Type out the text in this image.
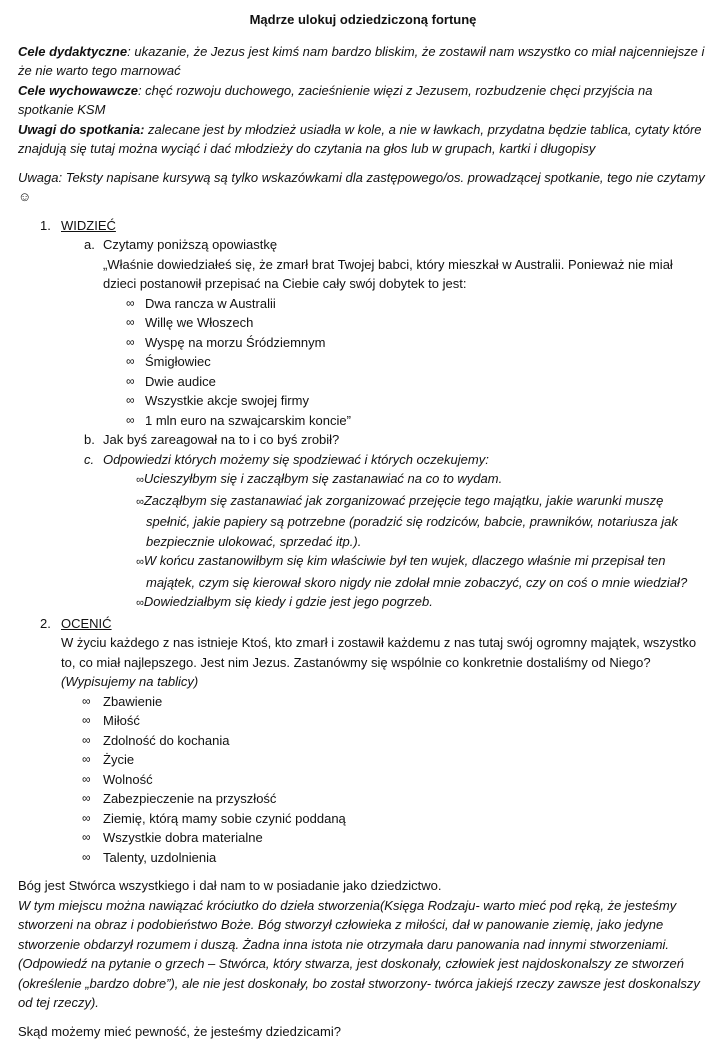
Mądrze ulokuj odziedziczoną fortunę

Cele dydaktyczne: ukazanie, że Jezus jest kimś nam bardzo bliskim, że zostawił nam wszystko co miał najcenniejsze i że nie warto tego marnować

Cele wychowawcze: chęć rozwoju duchowego, zacieśnienie więzi z Jezusem, rozbudzenie chęci przyjścia na spotkanie KSM

Uwagi do spotkania: zalecane jest by młodzież usiadła w kole, a nie w ławkach, przydatna będzie tablica, cytaty które znajdują się tutaj można wyciąć i dać młodzieży do czytania na głos lub w grupach, kartki i długopisy

Uwaga: Teksty napisane kursywą są tylko wskazówkami dla zastępowego/os. prowadzącej spotkanie, tego nie czytamy☺

1. WIDZIEĆ

a. Czytamy poniższą opowiastkę

„Właśnie dowiedziałeś się, że zmarł brat Twojej babci, który mieszkał w Australii. Ponieważ nie miał dzieci postanowił przepisać na Ciebie cały swój dobytek to jest:

∞ Dwa rancza w Australii
∞ Willę we Włoszech
∞ Wyspę na morzu Śródziemnym
∞ Śmigłowiec
∞ Dwie audice
∞ Wszystkie akcje swojej firmy
∞ 1 mln euro na szwajcarskim koncie”

b. Jak byś zareagował na to i co byś zrobił?

c. Odpowiedzi których możemy się spodziewać i których oczekujemy:

∞Ucieszyłbym się i zacząłbym się zastanawiać na co to wydam.
∞Zacząłbym się zastanawiać jak zorganizować przejęcie tego majątku, jakie warunki muszę spełnić, jakie papiery są potrzebne (poradzić się rodziców, babcie, prawników, notariusza jak bezpiecznie ulokować, sprzedać itp.).
∞W końcu zastanowiłbym się kim właściwie był ten wujek, dlaczego właśnie mi przepisał ten majątek, czym się kierował skoro nigdy nie zdołał mnie zobaczyć, czy on coś o mnie wiedział?
∞Dowiedziałbym się kiedy i gdzie jest jego pogrzeb.

2. OCENIĆ

W życiu każdego z nas istnieje Ktoś, kto zmarł i zostawił każdemu z nas tutaj swój ogromny majątek, wszystko to, co miał najlepszego. Jest nim Jezus. Zastanówmy się wspólnie co konkretnie dostaliśmy od Niego?

(Wypisujemy na tablicy)

∞ Zbawienie
∞ Miłość
∞ Zdolność do kochania
∞ Życie
∞ Wolność
∞ Zabezpieczenie na przyszłość
∞ Ziemię, którą mamy sobie czynić poddaną
∞ Wszystkie dobra materialne
∞ Talenty, uzdolnienia

Bóg jest Stwórca wszystkiego i dał nam to w posiadanie jako dziedzictwo.

W tym miejscu można nawiązać króciutko do dzieła stworzenia(Księga Rodzaju- warto mieć pod ręką, że jesteśmy stworzeni na obraz i podobieństwo Boże. Bóg stworzył człowieka z miłości, dał w panowanie ziemię, jako jedyne stworzenie obdarzył rozumem i duszą. Żadna inna istota nie otrzymała daru panowania nad innymi stworzeniami. (Odpowiedź na pytanie o grzech – Stwórca, który stwarza, jest doskonały, człowiek jest najdoskonalszy ze stworzeń (określenie „bardzo dobre”), ale nie jest doskonały, bo został stworzony- twórca jakiejś rzeczy zawsze jest doskonalszy od tej rzeczy).

Skąd możemy mieć pewność, że jesteśmy dziedzicami?
